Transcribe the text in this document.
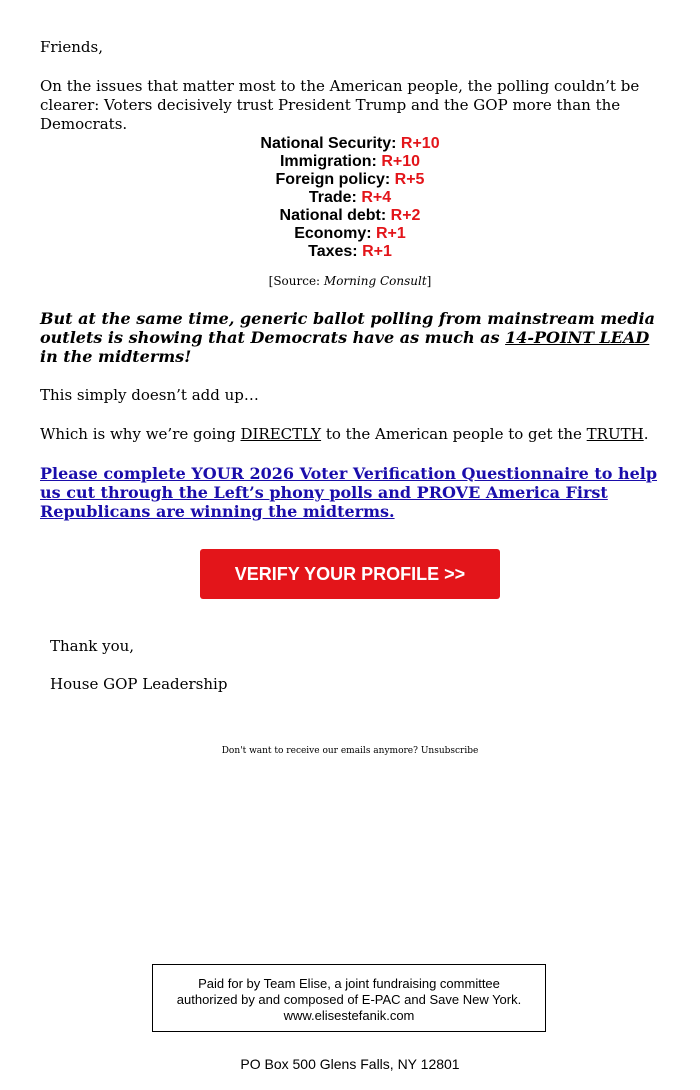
Friends,
On the issues that matter most to the American people, the polling couldn’t be clearer: Voters decisively trust President Trump and the GOP more than the Democrats.
National Security: R+10
Immigration: R+10
Foreign policy: R+5
Trade: R+4
National debt: R+2
Economy: R+1
Taxes: R+1
[Source: Morning Consult]
But at the same time, generic ballot polling from mainstream media outlets is showing that Democrats have as much as 14-POINT LEAD in the midterms!
This simply doesn’t add up…
Which is why we’re going DIRECTLY to the American people to get the TRUTH.
Please complete YOUR 2026 Voter Verification Questionnaire to help us cut through the Left’s phony polls and PROVE America First Republicans are winning the midterms.
VERIFY YOUR PROFILE >>
Thank you,
House GOP Leadership
Don't want to receive our emails anymore? Unsubscribe
Paid for by Team Elise, a joint fundraising committee
authorized by and composed of E-PAC and Save New York.
www.elisestefanik.com
PO Box 500 Glens Falls, NY 12801
